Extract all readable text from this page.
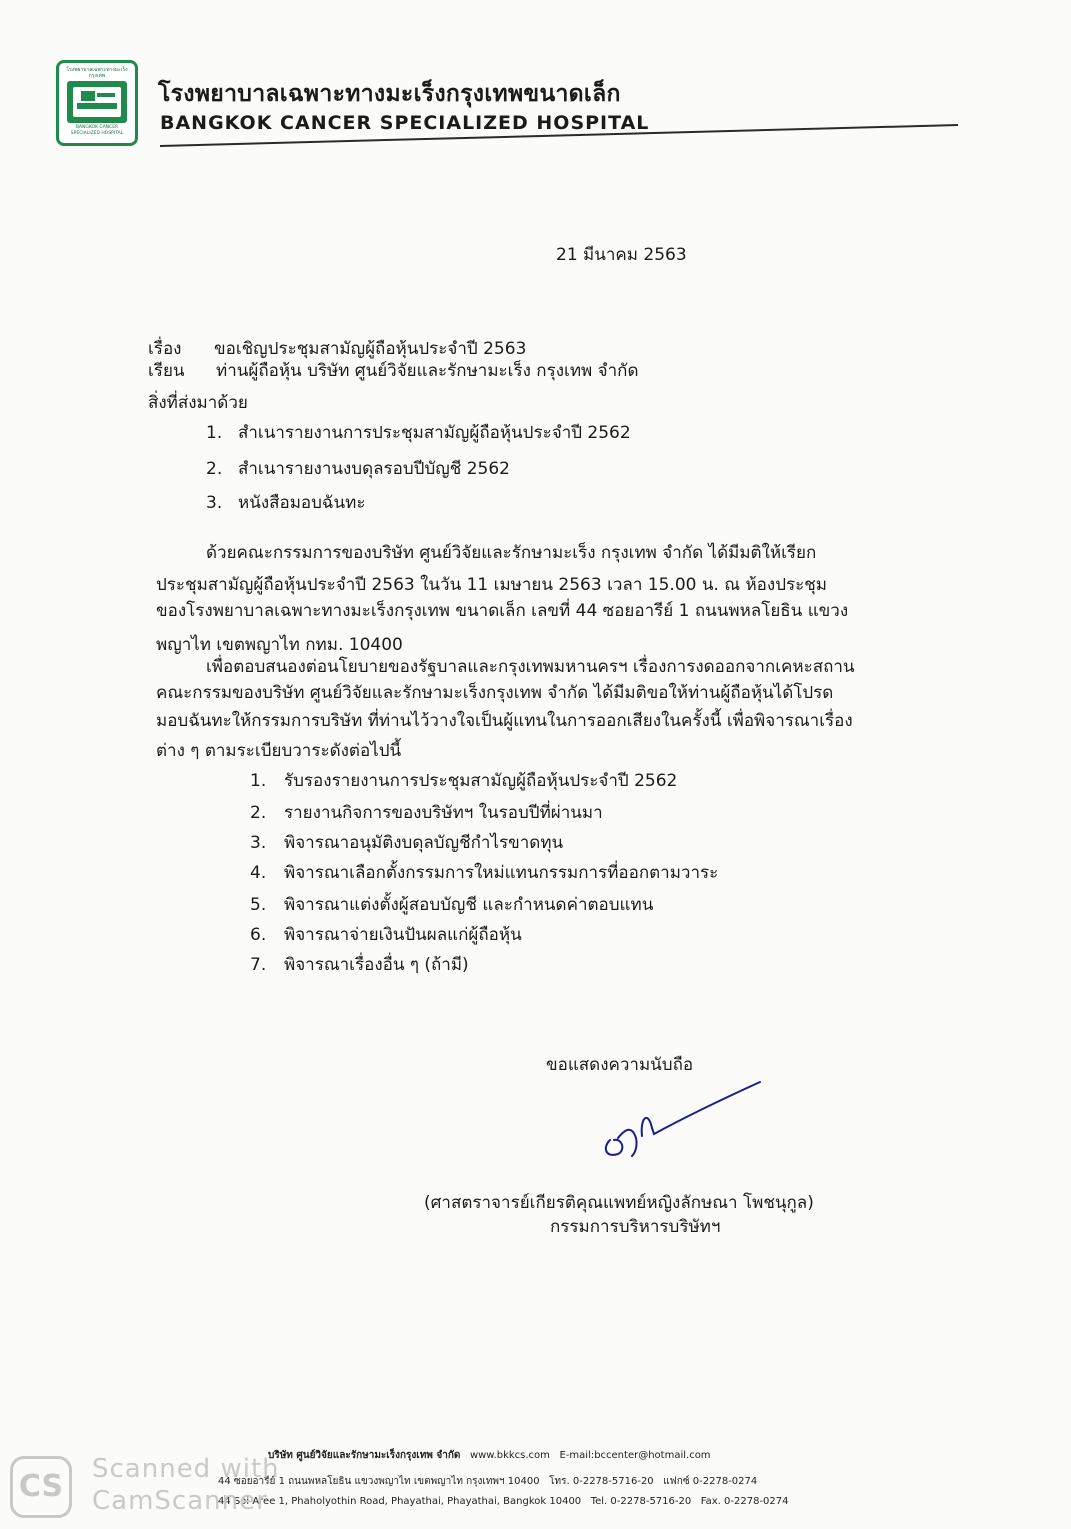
โรงพยาบาลเฉพาะทางมะเร็งกรุงเทพ
BANGKOK CANCER SPECIALIZED HOSPITAL
โรงพยาบาลเฉพาะทางมะเร็งกรุงเทพขนาดเล็ก
BANGKOK CANCER SPECIALIZED HOSPITAL
21 มีนาคม 2563
เรื่อง ขอเชิญประชุมสามัญผู้ถือหุ้นประจำปี 2563
เรียน ท่านผู้ถือหุ้น บริษัท ศูนย์วิจัยและรักษามะเร็ง กรุงเทพ จำกัด
สิ่งที่ส่งมาด้วย
1. สำเนารายงานการประชุมสามัญผู้ถือหุ้นประจำปี 2562
2. สำเนารายงานงบดุลรอบปีบัญชี 2562
3. หนังสือมอบฉันทะ
ด้วยคณะกรรมการของบริษัท ศูนย์วิจัยและรักษามะเร็ง กรุงเทพ จำกัด ได้มีมติให้เรียก
ประชุมสามัญผู้ถือหุ้นประจำปี 2563 ในวัน 11 เมษายน 2563 เวลา 15.00 น. ณ ห้องประชุม
ของโรงพยาบาลเฉพาะทางมะเร็งกรุงเทพ ขนาดเล็ก เลขที่ 44 ซอยอารีย์ 1 ถนนพหลโยธิน แขวง
พญาไท เขตพญาไท กทม. 10400
เพื่อตอบสนองต่อนโยบายของรัฐบาลและกรุงเทพมหานครฯ เรื่องการงดออกจากเคหะสถาน
คณะกรรมของบริษัท ศูนย์วิจัยและรักษามะเร็งกรุงเทพ จำกัด ได้มีมติขอให้ท่านผู้ถือหุ้นได้โปรด
มอบฉันทะให้กรรมการบริษัท ที่ท่านไว้วางใจเป็นผู้แทนในการออกเสียงในครั้งนี้ เพื่อพิจารณาเรื่อง
ต่าง ๆ ตามระเบียบวาระดังต่อไปนี้
1. รับรองรายงานการประชุมสามัญผู้ถือหุ้นประจำปี 2562
2. รายงานกิจการของบริษัทฯ ในรอบปีที่ผ่านมา
3. พิจารณาอนุมัติงบดุลบัญชีกำไรขาดทุน
4. พิจารณาเลือกตั้งกรรมการใหม่แทนกรรมการที่ออกตามวาระ
5. พิจารณาแต่งตั้งผู้สอบบัญชี และกำหนดค่าตอบแทน
6. พิจารณาจ่ายเงินปันผลแก่ผู้ถือหุ้น
7. พิจารณาเรื่องอื่น ๆ (ถ้ามี)
ขอแสดงความนับถือ
(ศาสตราจารย์เกียรติคุณแพทย์หญิงลักษณา โพชนุกูล)
กรรมการบริหารบริษัทฯ
บริษัท ศูนย์วิจัยและรักษามะเร็งกรุงเทพ จำกัด www.bkkcs.com E-mail:bccenter@hotmail.com
44 ซอยอารีย์ 1 ถนนพหลโยธิน แขวงพญาไท เขตพญาไท กรุงเทพฯ 10400 โทร. 0-2278-5716-20 แฟกซ์ 0-2278-0274
44 Soi Aree 1, Phaholyothin Road, Phayathai, Phayathai, Bangkok 10400 Tel. 0-2278-5716-20 Fax. 0-2278-0274
CS	Scanned with
CamScanner
